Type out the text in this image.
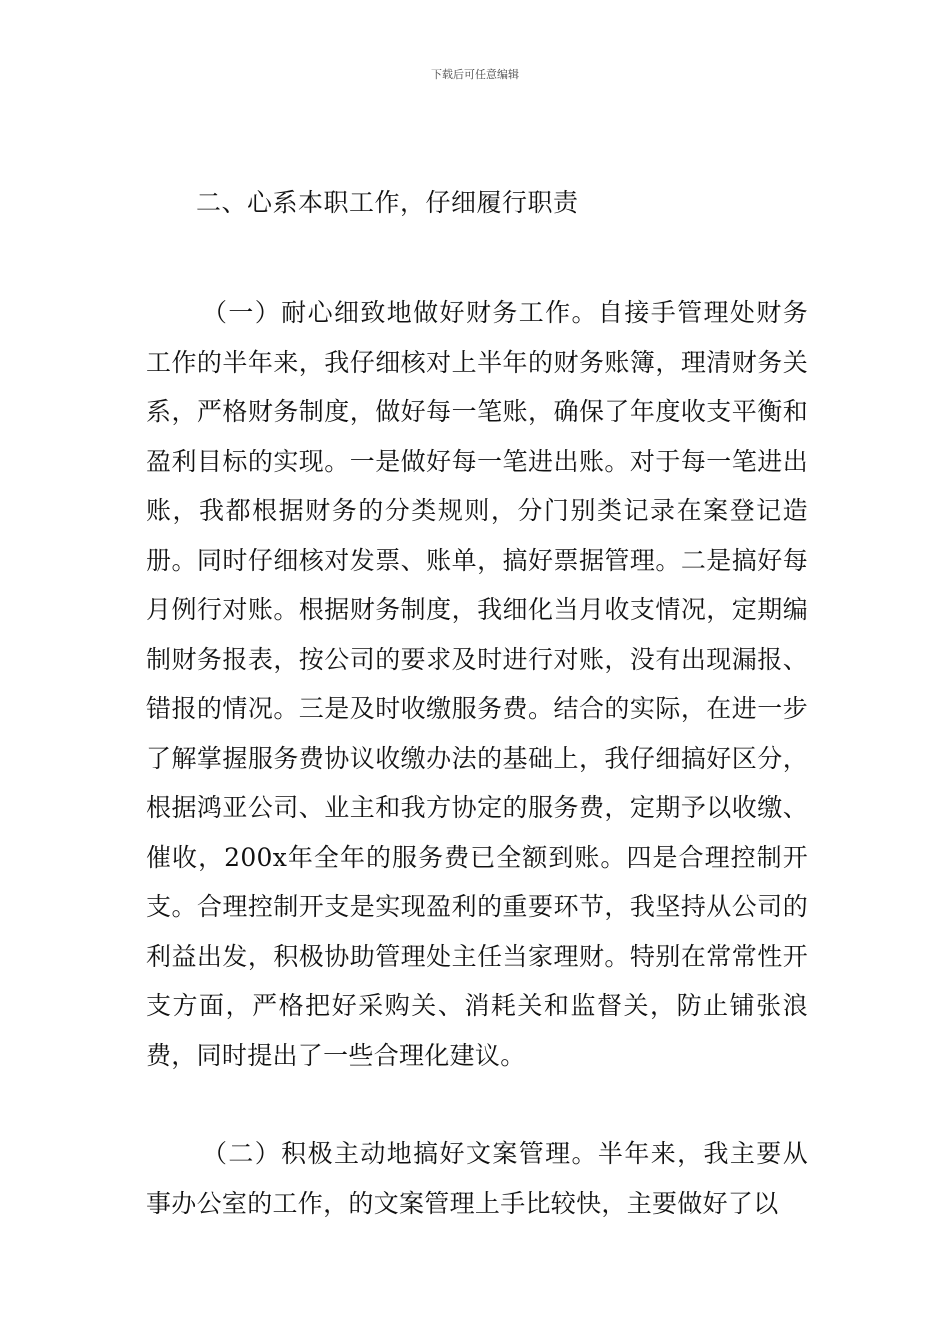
下载后可任意编辑
二、心系本职工作，仔细履行职责

（一）耐心细致地做好财务工作。自接手管理处财务工作的半年来，我仔细核对上半年的财务账簿，理清财务关系，严格财务制度，做好每一笔账，确保了年度收支平衡和盈利目标的实现。一是做好每一笔进出账。对于每一笔进出账，我都根据财务的分类规则，分门别类记录在案登记造册。同时仔细核对发票、账单，搞好票据管理。二是搞好每月例行对账。根据财务制度，我细化当月收支情况，定期编制财务报表，按公司的要求及时进行对账，没有出现漏报、错报的情况。三是及时收缴服务费。结合的实际，在进一步了解掌握服务费协议收缴办法的基础上，我仔细搞好区分，根据鸿亚公司、业主和我方协定的服务费，定期予以收缴、催收，200x年全年的服务费已全额到账。四是合理控制开支。合理控制开支是实现盈利的重要环节，我坚持从公司的利益出发，积极协助管理处主任当家理财。特别在常常性开支方面，严格把好采购关、消耗关和监督关，防止铺张浪费，同时提出了一些合理化建议。

（二）积极主动地搞好文案管理。半年来，我主要从事办公室的工作，的文案管理上手比较快，主要做好了以
